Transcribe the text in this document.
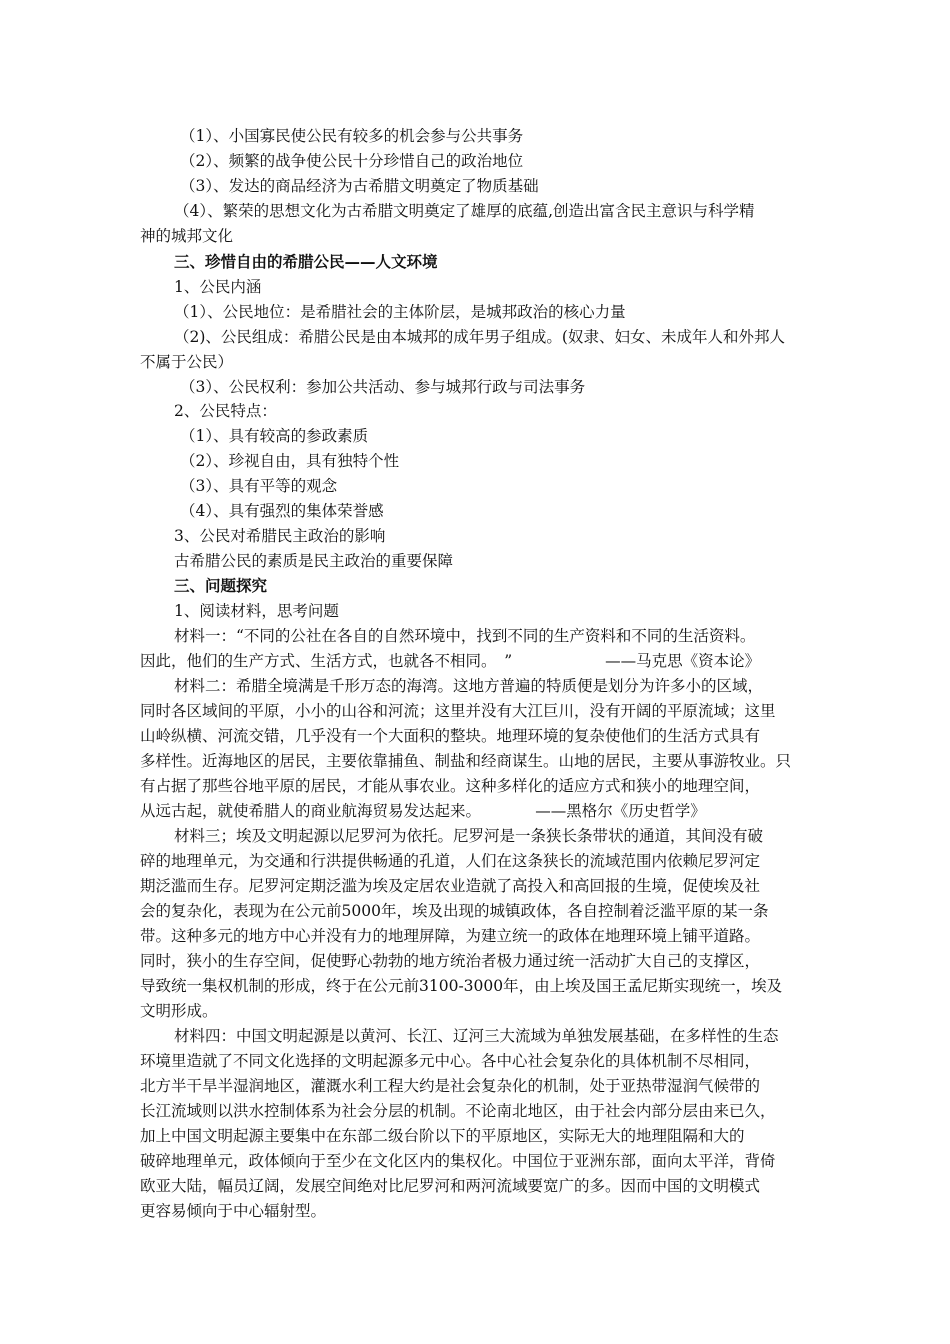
（1）、小国寡民使公民有较多的机会参与公共事务
（2）、频繁的战争使公民十分珍惜自己的政治地位
（3）、发达的商品经济为古希腊文明奠定了物质基础
（4）、繁荣的思想文化为古希腊文明奠定了雄厚的底蕴,创造出富含民主意识与科学精
神的城邦文化
三、珍惜自由的希腊公民——人文环境
1、公民内涵
（1）、公民地位：是希腊社会的主体阶层，是城邦政治的核心力量
（2)、公民组成：希腊公民是由本城邦的成年男子组成。(奴隶、妇女、未成年人和外邦人
不属于公民）
（3）、公民权利：参加公共活动、参与城邦行政与司法事务
2、公民特点：
（1）、具有较高的参政素质
（2）、珍视自由，具有独特个性
（3）、具有平等的观念
（4）、具有强烈的集体荣誉感
3、公民对希腊民主政治的影响
古希腊公民的素质是民主政治的重要保障
三、问题探究
1、阅读材料，思考问题
材料一：“不同的公社在各自的自然环境中，找到不同的生产资料和不同的生活资料。
因此，他们的生产方式、生活方式，也就各不相同。　”　　　　　　——马克思《资本论》
材料二：希腊全境满是千形万态的海湾。这地方普遍的特质便是划分为许多小的区域，
同时各区域间的平原，小小的山谷和河流；这里并没有大江巨川，没有开阔的平原流域；这里
山岭纵横、河流交错，几乎没有一个大面积的整块。地理环境的复杂使他们的生活方式具有
多样性。近海地区的居民，主要依靠捕鱼、制盐和经商谋生。山地的居民，主要从事游牧业。只
有占据了那些谷地平原的居民，才能从事农业。这种多样化的适应方式和狭小的地理空间，
从远古起，就使希腊人的商业航海贸易发达起来。　　　　——黑格尔《历史哲学》
材料三；埃及文明起源以尼罗河为依托。尼罗河是一条狭长条带状的通道，其间没有破
碎的地理单元，为交通和行洪提供畅通的孔道，人们在这条狭长的流域范围内依赖尼罗河定
期泛滥而生存。尼罗河定期泛滥为埃及定居农业造就了高投入和高回报的生境，促使埃及社
会的复杂化，表现为在公元前5000年，埃及出现的城镇政体，各自控制着泛滥平原的某一条
带。这种多元的地方中心并没有力的地理屏障，为建立统一的政体在地理环境上铺平道路。
同时，狭小的生存空间，促使野心勃勃的地方统治者极力通过统一活动扩大自己的支撑区，
导致统一集权机制的形成，终于在公元前3100-3000年，由上埃及国王孟尼斯实现统一，埃及
文明形成。
材料四：中国文明起源是以黄河、长江、辽河三大流域为单独发展基础，在多样性的生态
环境里造就了不同文化选择的文明起源多元中心。各中心社会复杂化的具体机制不尽相同，
北方半干旱半湿润地区，灌溉水利工程大约是社会复杂化的机制，处于亚热带湿润气候带的
长江流域则以洪水控制体系为社会分层的机制。不论南北地区，由于社会内部分层由来已久，
加上中国文明起源主要集中在东部二级台阶以下的平原地区，实际无大的地理阻隔和大的
破碎地理单元，政体倾向于至少在文化区内的集权化。中国位于亚洲东部，面向太平洋，背倚
欧亚大陆，幅员辽阔，发展空间绝对比尼罗河和两河流域要宽广的多。因而中国的文明模式
更容易倾向于中心辐射型。
